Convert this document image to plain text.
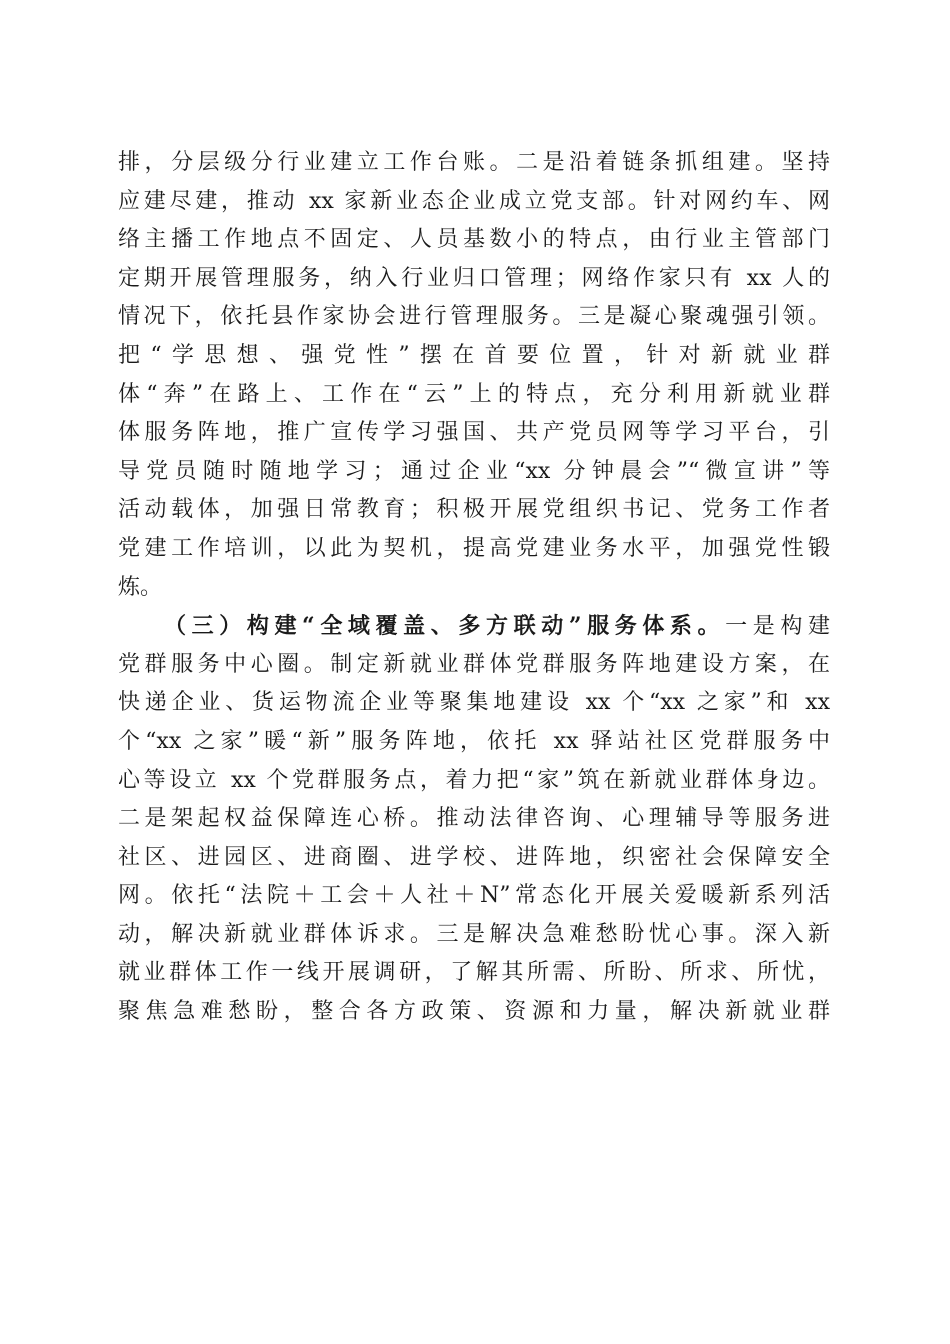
排，分层级分行业建立工作台账。二是沿着链条抓组建。坚持
应建尽建，推动 xx 家新业态企业成立党支部。针对网约车、网
络主播工作地点不固定、人员基数小的特点，由行业主管部门
定期开展管理服务，纳入行业归口管理；网络作家只有 xx 人的
情况下，依托县作家协会进行管理服务。三是凝心聚魂强引领。
把“学思想、强党性”摆在首要位置，针对新就业群
体“奔”在路上、工作在“云”上的特点，充分利用新就业群
体服务阵地，推广宣传学习强国、共产党员网等学习平台，引
导党员随时随地学习；通过企业“xx 分钟晨会”“微宣讲”等
活动载体，加强日常教育；积极开展党组织书记、党务工作者
党建工作培训，以此为契机，提高党建业务水平，加强党性锻
炼。
（三）构建“全域覆盖、多方联动”服务体系。一是构建
党群服务中心圈。制定新就业群体党群服务阵地建设方案，在
快递企业、货运物流企业等聚集地建设 xx 个“xx 之家”和 xx
个“xx 之家”暖“新”服务阵地，依托 xx 驿站社区党群服务中
心等设立 xx 个党群服务点，着力把“家”筑在新就业群体身边。
二是架起权益保障连心桥。推动法律咨询、心理辅导等服务进
社区、进园区、进商圈、进学校、进阵地，织密社会保障安全
网。依托“法院＋工会＋人社＋N”常态化开展关爱暖新系列活
动，解决新就业群体诉求。三是解决急难愁盼忧心事。深入新
就业群体工作一线开展调研，了解其所需、所盼、所求、所忧，
聚焦急难愁盼，整合各方政策、资源和力量，解决新就业群
